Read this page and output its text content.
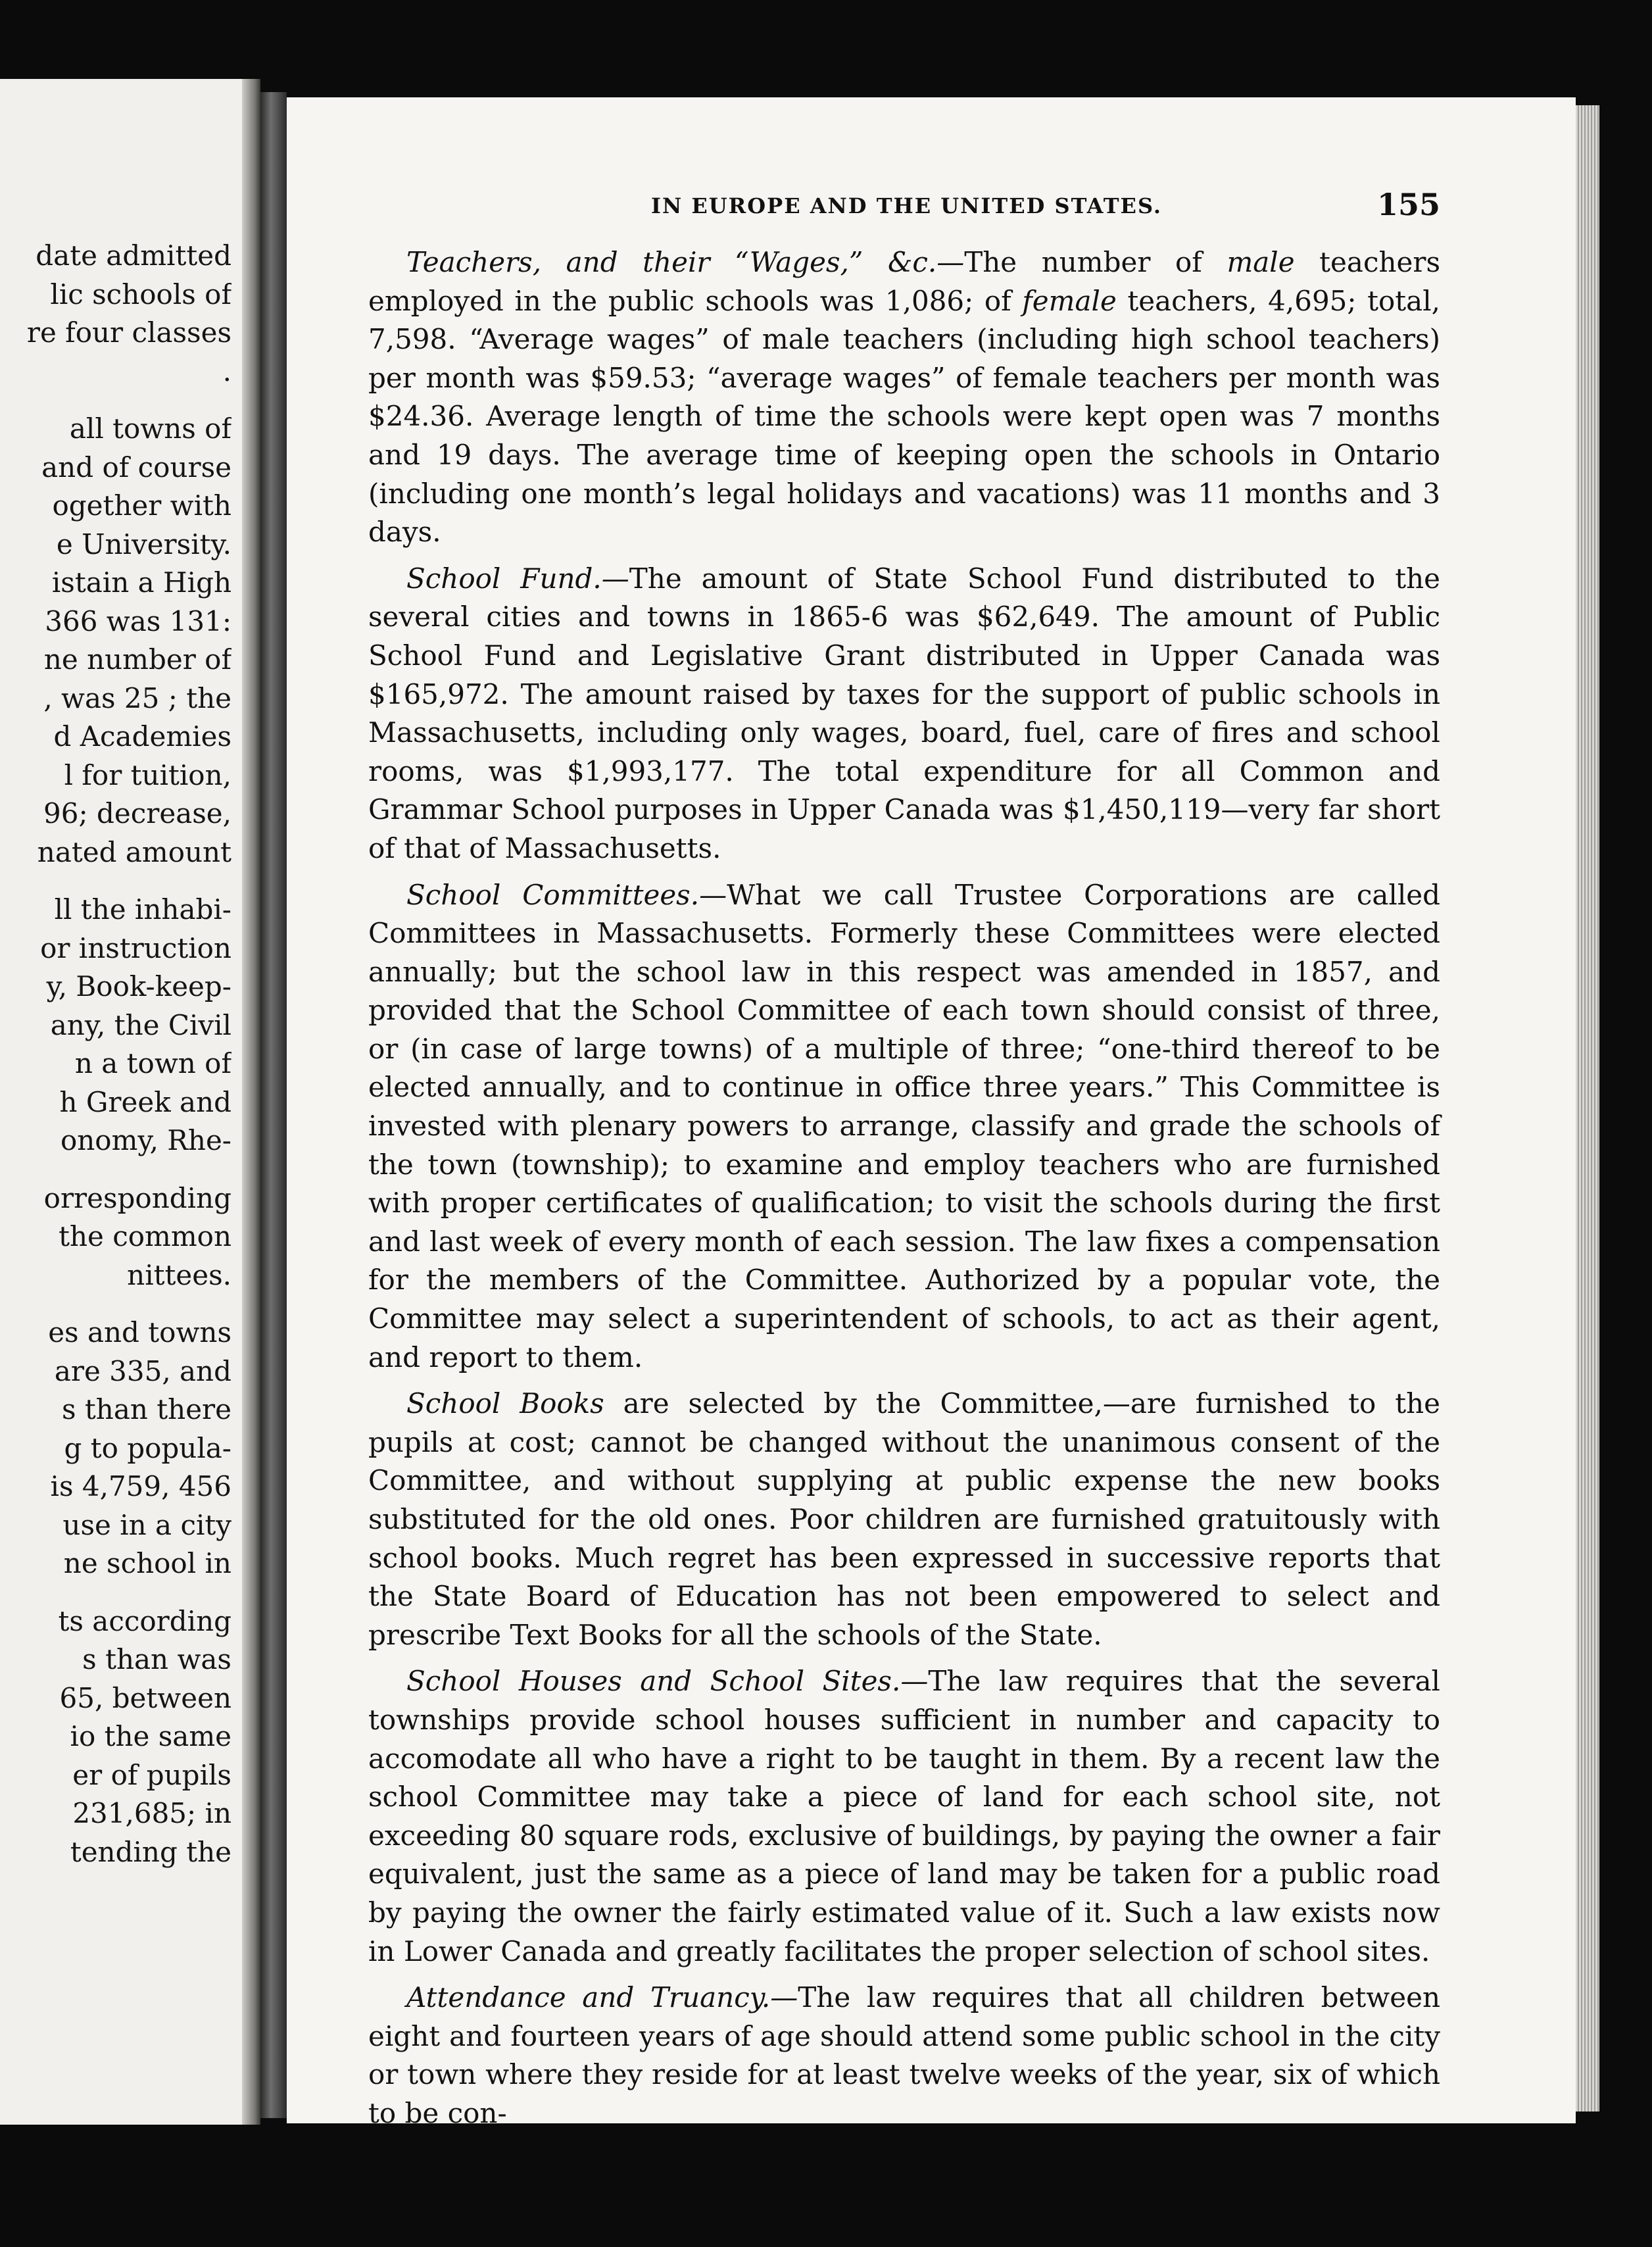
date admitted
lic schools of
re four classes
.
all towns of
and of course
ogether with
e University.
istain a High
366 was 131:
ne number of
, was 25 ; the
d Academies
l for tuition,
96; decrease,
nated amount
ll the inhabi-
or instruction
y, Book-keep-
any, the Civil
n a town of
h Greek and
onomy, Rhe-
orresponding
the common
nittees.
es and towns
are 335, and
s than there
g to popula-
is 4,759, 456
use in a city
ne school in
ts according
s than was
65, between
io the same
er of pupils
231,685; in
tending the
IN EUROPE AND THE UNITED STATES.	155

Teachers, and their “Wages,” &c.—The number of male teachers employed in the public schools was 1,086; of female teachers, 4,695; total, 7,598. “Average wages” of male teachers (including high school teachers) per month was $59.53; “average wages” of female teachers per month was $24.36. Average length of time the schools were kept open was 7 months and 19 days. The average time of keeping open the schools in Ontario (including one month’s legal holidays and vacations) was 11 months and 3 days.

School Fund.—The amount of State School Fund distributed to the several cities and towns in 1865-6 was $62,649. The amount of Public School Fund and Legislative Grant distributed in Upper Canada was $165,972. The amount raised by taxes for the support of public schools in Massachusetts, including only wages, board, fuel, care of fires and school rooms, was $1,993,177. The total expenditure for all Common and Grammar School purposes in Upper Canada was $1,450,119—very far short of that of Massachusetts.

School Committees.—What we call Trustee Corporations are called Committees in Massachusetts. Formerly these Committees were elected annually; but the school law in this respect was amended in 1857, and provided that the School Committee of each town should consist of three, or (in case of large towns) of a multiple of three; “one-third thereof to be elected annually, and to continue in office three years.” This Committee is invested with plenary powers to arrange, classify and grade the schools of the town (township); to examine and employ teachers who are furnished with proper certificates of qualification; to visit the schools during the first and last week of every month of each session. The law fixes a compensation for the members of the Committee. Authorized by a popular vote, the Committee may select a superintendent of schools, to act as their agent, and report to them.

School Books are selected by the Committee,—are furnished to the pupils at cost; cannot be changed without the unanimous consent of the Committee, and without supplying at public expense the new books substituted for the old ones. Poor children are furnished gratuitously with school books. Much regret has been expressed in successive reports that the State Board of Education has not been empowered to select and prescribe Text Books for all the schools of the State.

School Houses and School Sites.—The law requires that the several townships provide school houses sufficient in number and capacity to accomodate all who have a right to be taught in them. By a recent law the school Committee may take a piece of land for each school site, not exceeding 80 square rods, exclusive of buildings, by paying the owner a fair equivalent, just the same as a piece of land may be taken for a public road by paying the owner the fairly estimated value of it. Such a law exists now in Lower Canada and greatly facilitates the proper selection of school sites.

Attendance and Truancy.—The law requires that all children between eight and fourteen years of age should attend some public school in the city or town where they reside for at least twelve weeks of the year, six of which to be con-
